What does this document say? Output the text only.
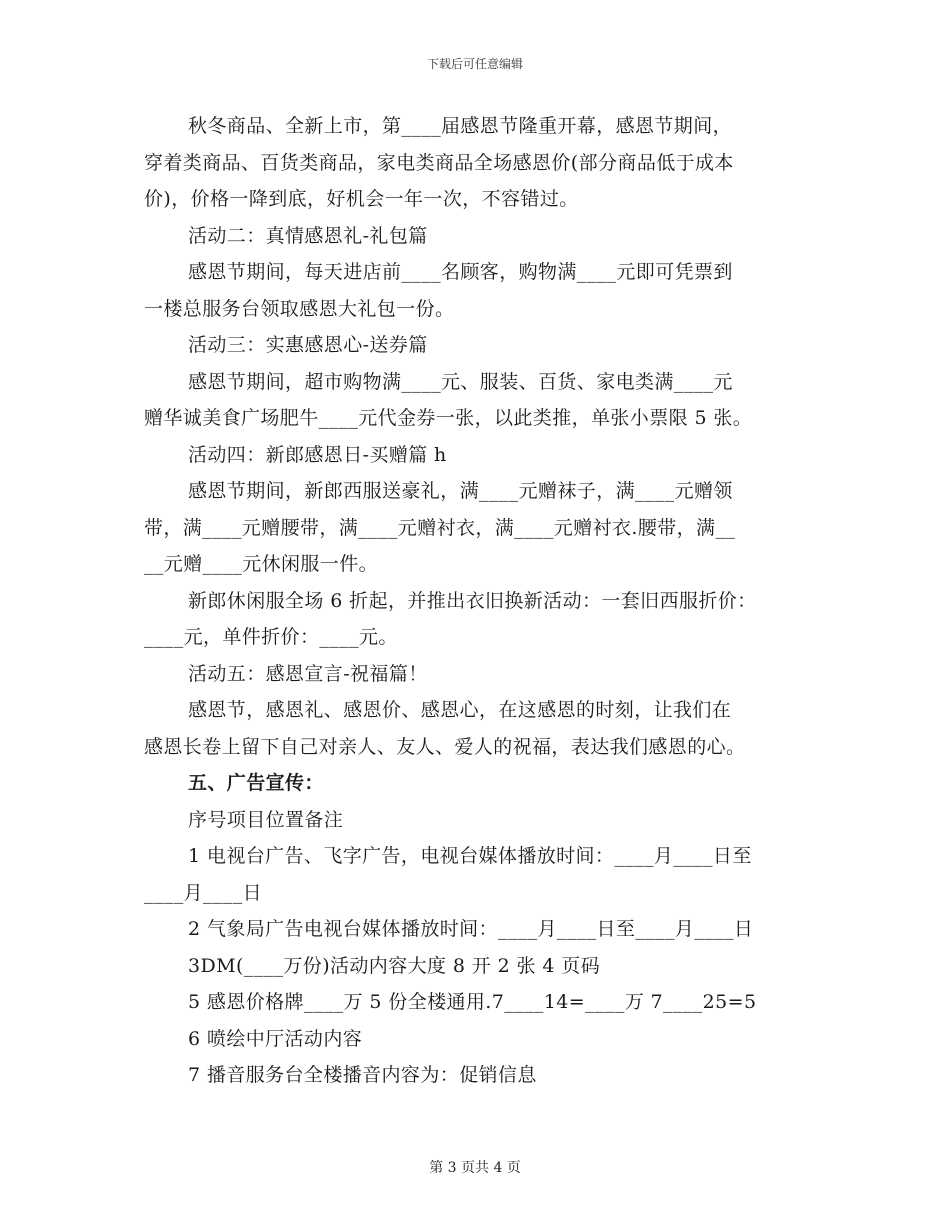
下载后可任意编辑

秋冬商品、全新上市，第____届感恩节隆重开幕，感恩节期间，

穿着类商品、百货类商品，家电类商品全场感恩价(部分商品低于成本

价)，价格一降到底，好机会一年一次，不容错过。

活动二：真情感恩礼-礼包篇

感恩节期间，每天进店前____名顾客，购物满____元即可凭票到

一楼总服务台领取感恩大礼包一份。

活动三：实惠感恩心-送券篇

感恩节期间，超市购物满____元、服装、百货、家电类满____元

赠华诚美食广场肥牛____元代金券一张，以此类推，单张小票限 5 张。

活动四：新郎感恩日-买赠篇 h

感恩节期间，新郎西服送豪礼，满____元赠袜子，满____元赠领

带，满____元赠腰带，满____元赠衬衣，满____元赠衬衣.腰带，满__

__元赠____元休闲服一件。

新郎休闲服全场 6 折起，并推出衣旧换新活动：一套旧西服折价：

____元，单件折价：____元。

活动五：感恩宣言-祝福篇！

感恩节，感恩礼、感恩价、感恩心，在这感恩的时刻，让我们在

感恩长卷上留下自己对亲人、友人、爱人的祝福，表达我们感恩的心。

五、广告宣传：

序号项目位置备注

1 电视台广告、飞字广告，电视台媒体播放时间：____月____日至

____月____日

2 气象局广告电视台媒体播放时间：____月____日至____月____日

3DM(____万份)活动内容大度 8 开 2 张 4 页码

5 感恩价格牌____万 5 份全楼通用.7____14=____万 7____25=5

6 喷绘中厅活动内容

7 播音服务台全楼播音内容为：促销信息

第 3 页共 4 页
